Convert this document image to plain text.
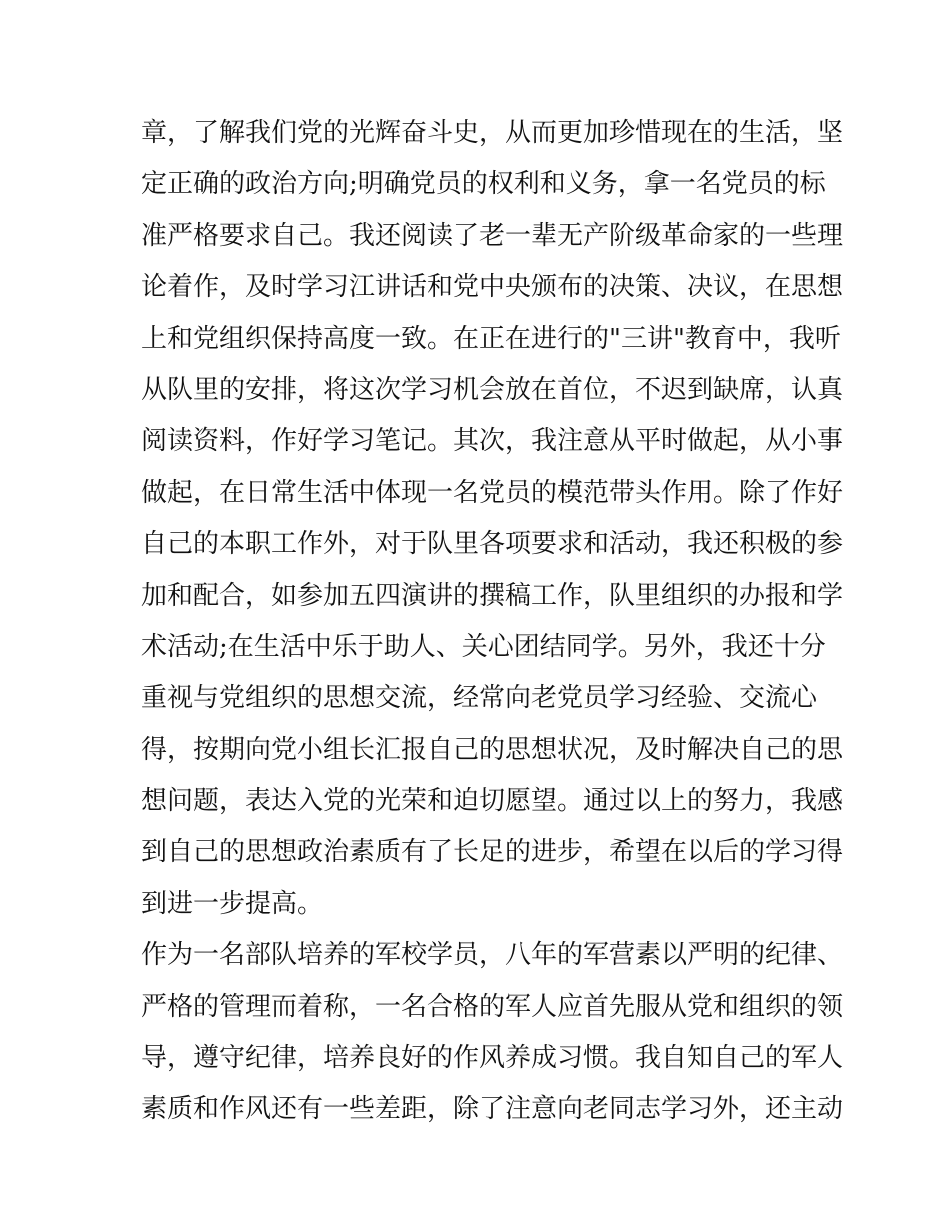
章，了解我们党的光辉奋斗史，从而更加珍惜现在的生活，坚
定正确的政治方向;明确党员的权利和义务，拿一名党员的标
准严格要求自己。我还阅读了老一辈无产阶级革命家的一些理
论着作，及时学习江讲话和党中央颁布的决策、决议，在思想
上和党组织保持高度一致。在正在进行的"三讲"教育中，我听
从队里的安排，将这次学习机会放在首位，不迟到缺席，认真
阅读资料，作好学习笔记。其次，我注意从平时做起，从小事
做起，在日常生活中体现一名党员的模范带头作用。除了作好
自己的本职工作外，对于队里各项要求和活动，我还积极的参
加和配合，如参加五四演讲的撰稿工作，队里组织的办报和学
术活动;在生活中乐于助人、关心团结同学。另外，我还十分
重视与党组织的思想交流，经常向老党员学习经验、交流心
得，按期向党小组长汇报自己的思想状况，及时解决自己的思
想问题，表达入党的光荣和迫切愿望。通过以上的努力，我感
到自己的思想政治素质有了长足的进步，希望在以后的学习得
到进一步提高。
作为一名部队培养的军校学员，八年的军营素以严明的纪律、
严格的管理而着称，一名合格的军人应首先服从党和组织的领
导，遵守纪律，培养良好的作风养成习惯。我自知自己的军人
素质和作风还有一些差距，除了注意向老同志学习外，还主动
